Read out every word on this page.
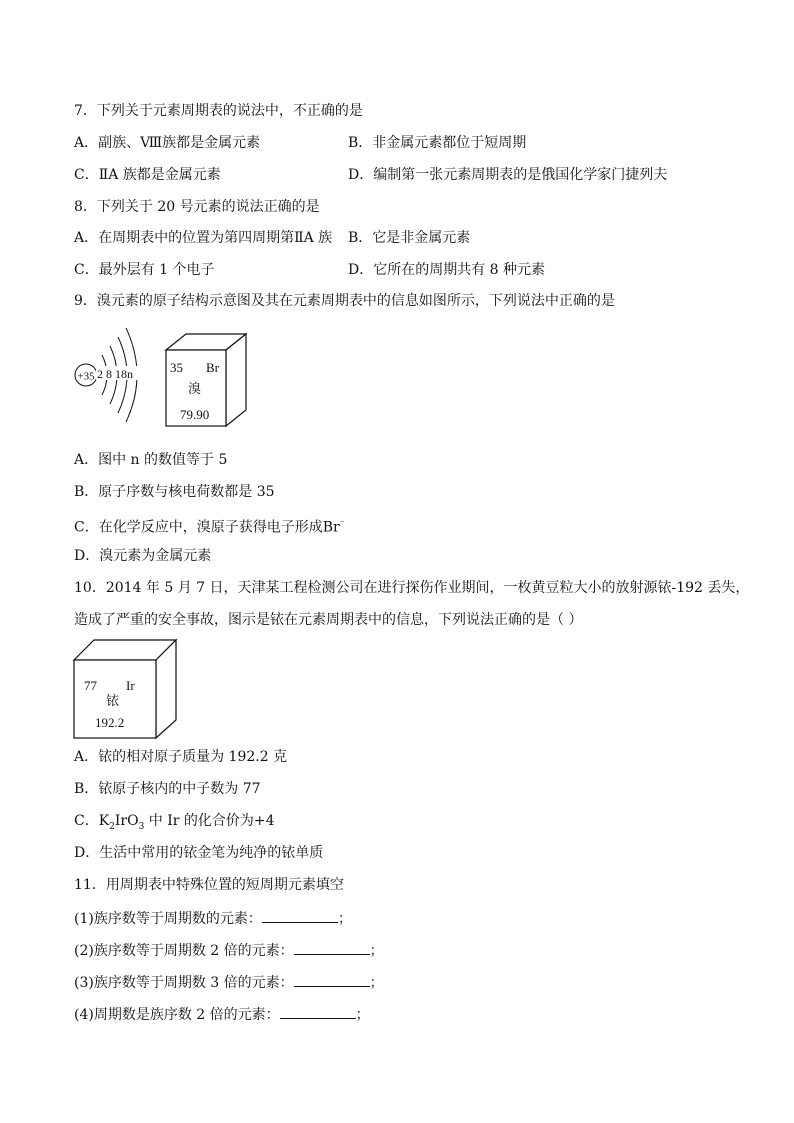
7．下列关于元素周期表的说法中，不正确的是
A．副族、Ⅷ族都是金属元素	B．非金属元素都位于短周期
C．ⅡA 族都是金属元素	D．编制第一张元素周期表的是俄国化学家门捷列夫
8．下列关于 20 号元素的说法正确的是
A．在周期表中的位置为第四周期第ⅡA 族 B．它是非金属元素
C．最外层有 1 个电子	D．它所在的周期共有 8 种元素
9．溴元素的原子结构示意图及其在元素周期表中的信息如图所示，下列说法中正确的是
+35 2 8 18n	35 Br
溴
79.90
A．图中 n 的数值等于 5
B．原子序数与核电荷数都是 35
C．在化学反应中，溴原子获得电子形成Br⁻
D．溴元素为金属元素
10．2014 年 5 月 7 日，天津某工程检测公司在进行探伤作业期间，一枚黄豆粒大小的放射源铱-192 丢失，
造成了严重的安全事故，图示是铱在元素周期表中的信息，下列说法正确的是（ ）
77 Ir
铱
192.2
A．铱的相对原子质量为 192.2 克
B．铱原子核内的中子数为 77
C．$K_2IrO_3$ 中 Ir 的化合价为+4
D．生活中常用的铱金笔为纯净的铱单质
11．用周期表中特殊位置的短周期元素填空
(1)族序数等于周期数的元素：	；
(2)族序数等于周期数 2 倍的元素：	；
(3)族序数等于周期数 3 倍的元素：	；
(4)周期数是族序数 2 倍的元素：	；
